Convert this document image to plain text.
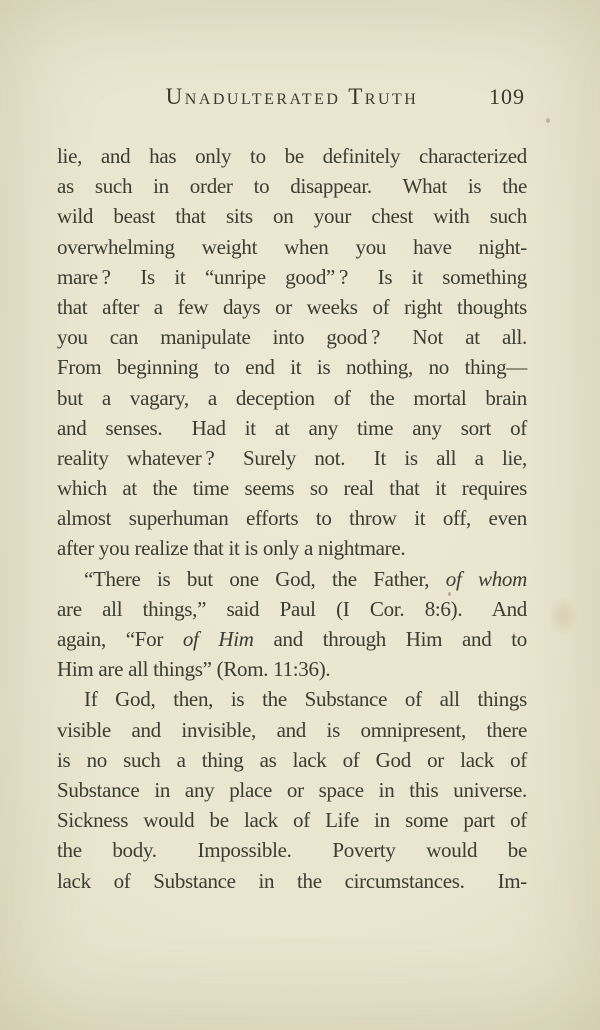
Unadulterated Truth	109
lie, and has only to be definitely characterized
as such in order to disappear.  What is the
wild beast that sits on your chest with such
overwhelming weight when you have night-
mare ?  Is it “unripe good” ?  Is it something
that after a few days or weeks of right thoughts
you can manipulate into good ?  Not at all.
From beginning to end it is nothing, no thing—
but a vagary, a deception of the mortal brain
and senses.  Had it at any time any sort of
reality whatever ?  Surely not.  It is all a lie,
which at the time seems so real that it requires
almost superhuman efforts to throw it off, even
after you realize that it is only a nightmare.
“There is but one God, the Father, of whom
are all things,” said Paul (I Cor. 8:6).  And
again, “For of Him and through Him and to
Him are all things” (Rom. 11:36).
If God, then, is the Substance of all things
visible and invisible, and is omnipresent, there
is no such a thing as lack of God or lack of
Substance in any place or space in this universe.
Sickness would be lack of Life in some part of
the body.  Impossible.  Poverty would be
lack of Substance in the circumstances.  Im-
